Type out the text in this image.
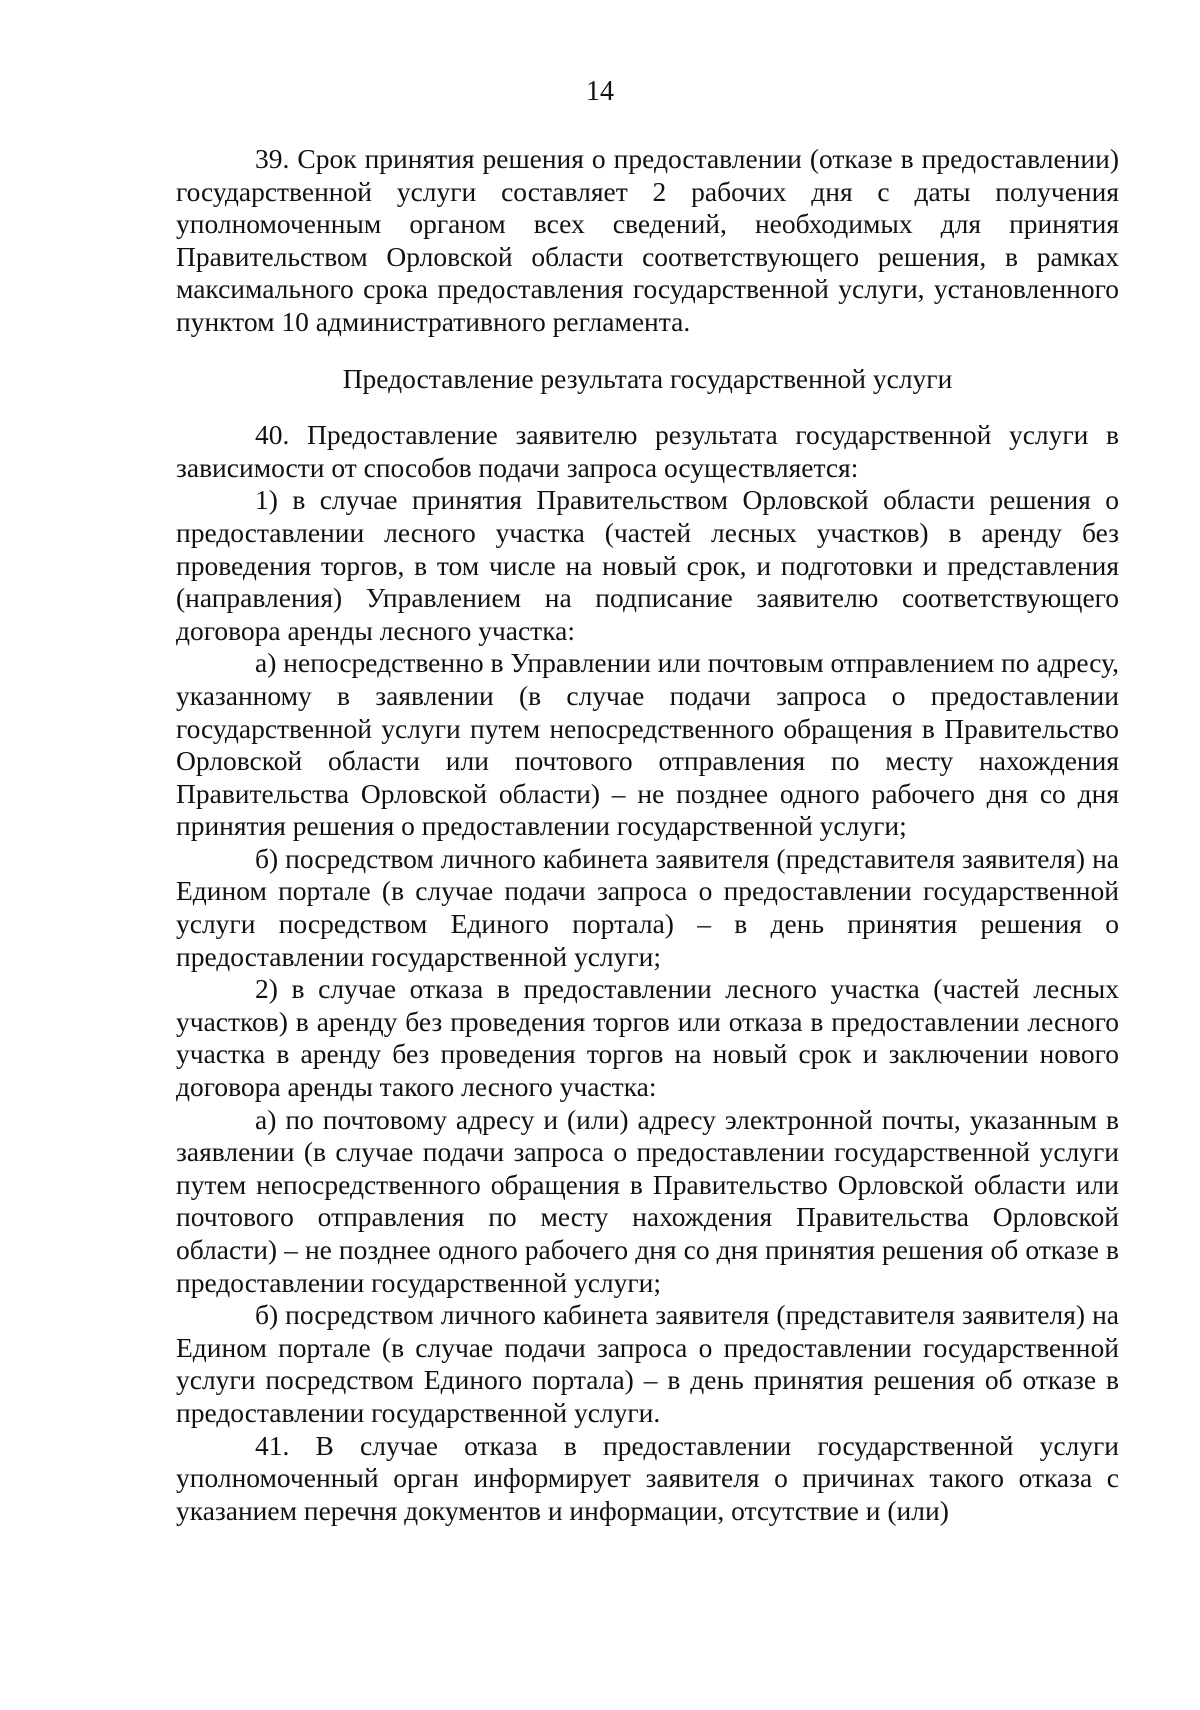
14

39. Срок принятия решения о предоставлении (отказе в предоставлении) государственной услуги составляет 2 рабочих дня с даты получения уполномоченным органом всех сведений, необходимых для принятия Правительством Орловской области соответствующего решения, в рамках максимального срока предоставления государственной услуги, установленного пунктом 10 административного регламента.

Предоставление результата государственной услуги

40. Предоставление заявителю результата государственной услуги в зависимости от способов подачи запроса осуществляется:

1) в случае принятия Правительством Орловской области решения о предоставлении лесного участка (частей лесных участков) в аренду без проведения торгов, в том числе на новый срок, и подготовки и представления (направления) Управлением на подписание заявителю соответствующего договора аренды лесного участка:

а) непосредственно в Управлении или почтовым отправлением по адресу, указанному в заявлении (в случае подачи запроса о предоставлении государственной услуги путем непосредственного обращения в Правительство Орловской области или почтового отправления по месту нахождения Правительства Орловской области) – не позднее одного рабочего дня со дня принятия решения о предоставлении государственной услуги;

б) посредством личного кабинета заявителя (представителя заявителя) на Едином портале (в случае подачи запроса о предоставлении государственной услуги посредством Единого портала) – в день принятия решения о предоставлении государственной услуги;

2) в случае отказа в предоставлении лесного участка (частей лесных участков) в аренду без проведения торгов или отказа в предоставлении лесного участка в аренду без проведения торгов на новый срок и заключении нового договора аренды такого лесного участка:

а) по почтовому адресу и (или) адресу электронной почты, указанным в заявлении (в случае подачи запроса о предоставлении государственной услуги путем непосредственного обращения в Правительство Орловской области или почтового отправления по месту нахождения Правительства Орловской области) – не позднее одного рабочего дня со дня принятия решения об отказе в предоставлении государственной услуги;

б) посредством личного кабинета заявителя (представителя заявителя) на Едином портале (в случае подачи запроса о предоставлении государственной услуги посредством Единого портала) – в день принятия решения об отказе в предоставлении государственной услуги.

41. В случае отказа в предоставлении государственной услуги уполномоченный орган информирует заявителя о причинах такого отказа с указанием перечня документов и информации, отсутствие и (или)
